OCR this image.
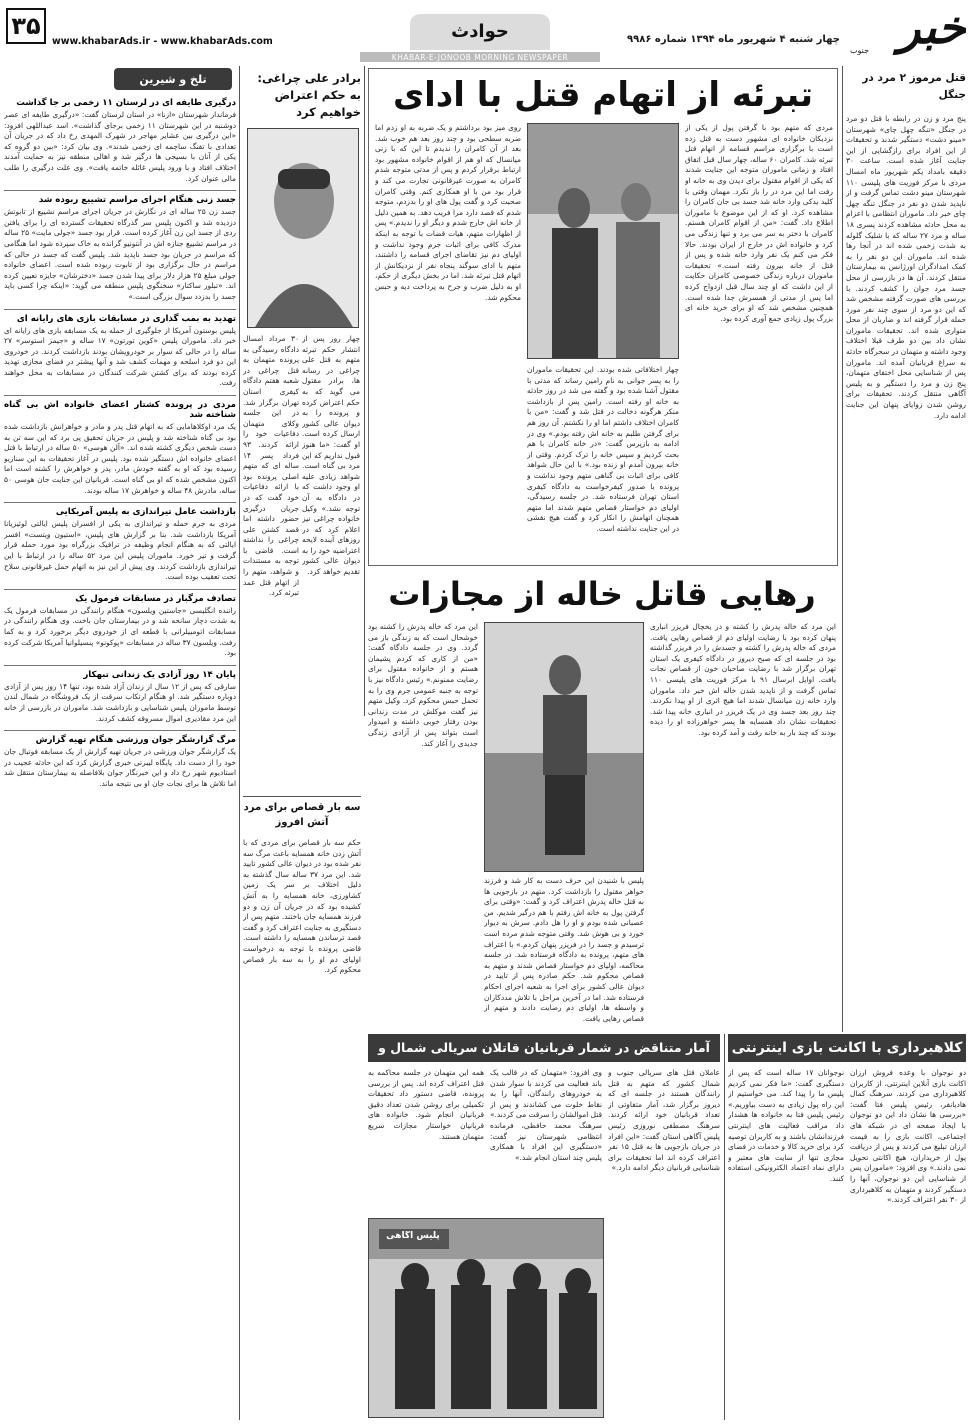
۳۵
www.khabarAds.ir - www.khabarAds.com	حوادث
KHABAR-E-JONOOB MORNING NEWSPAPER
چهار شنبه ۴ شهریور ماه ۱۳۹۴ شماره ۹۹۸۶	خبر
جنوب
تلخ و شیرین
درگیری طایفه ای در لرستان ۱۱ زخمی بر جا گذاشت
فرماندار شهرستان «ازنا» در استان لرستان گفت: «درگیری طایفه ای عصر دوشنبه در این شهرستان ۱۱ زخمی برجای گذاشت». اسد عبداللهی افزود: «این درگیری بین عشایر مهاجر در شهرک المهدی رخ داد که در جریان آن تعدادی با تفنگ ساچمه ای زخمی شدند». وی بیان کرد: «بین دو گروه که یکی از آنان با بسیجی ها درگیر شد و اهالی منطقه نیز به حمایت آمدند اختلاف افتاد و با ورود پلیس غائله خاتمه یافت». وی علت درگیری را طلب مالی عنوان کرد.
جسد زنی هنگام اجرای مراسم تشییع ربوده شد
جسد زن ۲۵ ساله ای در نگارش در جریان اجرای مراسم تشییع از تابوتش دزدیده شد و اکنون پلیس سر گذرگاه تحقیقات گسترده ای را برای یافتن ردی از جسد این زن آغاز کرده است. قرار بود جسد «جولی مایت» ۲۵ ساله در مراسم تشییع جنازه اش در آنتونیو گرانده به خاک سپرده شود اما هنگامی که مراسم در جریان بود جسد ناپدید شد. پلیس گفت که جسد در حالی که مراسم در حال برگزاری بود از تابوت ربوده شده است. اعضای خانواده جولی مبلغ ۲۵ هزار دلار برای پیدا شدن جسد «دخترشان» جایزه تعیین کرده اند. «تبلور ساکتار» سخنگوی پلیس منطقه می گوید: «اینکه چرا کسی باید جسد را بدزدد سوال بزرگی است.»
تهدید به بمب گذاری در مسابقات بازی های رایانه ای
پلیس بوستون آمریکا از جلوگیری از حمله به یک مسابقه بازی های رایانه ای خبر داد. ماموران پلیس «کوین تورتون» ۱۷ ساله و «جیمز استوسر» ۲۷ ساله را در حالی که سوار بر خودرویشان بودند بازداشت کردند. در خودروی این دو فرد اسلحه و مهمات کشف شد و آنها پیشتر در فضای مجازی تهدید کرده بودند که برای کشتن شرکت کنندگان در مسابقات به محل خواهند رفت.
مردی در پرونده کشتار اعضای خانواده اش بی گناه شناخته شد
یک مرد اوکلاهامایی که به اتهام قتل پدر و مادر و خواهرانش بازداشت شده بود بی گناه شناخته شد و پلیس در جریان تحقیق پی برد که این سه تن به دست شخص دیگری کشته شده اند. «آلن هوسی» ۵۰ ساله در ارتباط با قتل اعضای خانواده اش دستگیر شده بود. پلیس در آغاز تحقیقات به این سناریو رسیده بود که او به گفته خودش مادر، پدر و خواهرش را کشته است اما اکنون مشخص شده که او بی گناه است. قربانیان این جنایت جان هوسی ۵۰ ساله، مادرش ۴۸ ساله و خواهرش ۱۷ ساله بودند.
بازداشت عامل تیراندازی به پلیس آمریکایی
مردی به جرم حمله و تیراندازی به یکی از افسران پلیس ایالتی لوئیزیانا آمریکا بازداشت شد. بنا بر گزارش های پلیس، «استیون ویتست» افسر ایالتی که به هنگام انجام وظیفه در ترافیک بزرگراه بود مورد حمله قرار گرفت و تیر خورد. ماموران پلیس این مرد ۵۲ ساله را در ارتباط با این تیراندازی بازداشت کردند. وی پیش از این نیز به اتهام حمل غیرقانونی سلاح تحت تعقیب بوده است.
تصادف مرگبار در مسابقات فرمول یک
راننده انگلیسی «جاستین ویلسون» هنگام رانندگی در مسابقات فرمول یک به شدت دچار سانحه شد و در بیمارستان جان باخت. وی هنگام رانندگی در مسابقات اتومبیلرانی با قطعه ای از خودروی دیگر برخورد کرد و به کما رفت. ویلسون ۳۷ ساله در مسابقات «پوکونو» پنسیلوانیا آمریکا شرکت کرده بود.
پایان ۱۴ روز آزادی یک زندانی تبهکار
سارقی که پس از ۱۲ سال از زندان آزاد شده بود، تنها ۱۴ روز پس از آزادی دوباره دستگیر شد. او هنگام ارتکاب سرقت از یک فروشگاه در شمال لندن توسط ماموران پلیس شناسایی و بازداشت شد. ماموران در بازرسی از خانه این مرد مقادیری اموال مسروقه کشف کردند.
مرگ گزارشگر جوان ورزشی هنگام تهیه گزارش
یک گزارشگر جوان ورزشی در جریان تهیه گزارش از یک مسابقه فوتبال جان خود را از دست داد. پایگاه لیبرتی خبری گزارش کرد که این حادثه عجیب در استادیوم شهر رخ داد و این خبرنگار جوان بلافاصله به بیمارستان منتقل شد اما تلاش ها برای نجات جان او بی نتیجه ماند.
برادر علی چراغی: به حکم اعتراض خواهیم کرد
چهار روز پس از انتشار حکم تبرئه متهم به قتل علی چراغی در رسانه ها، برادر مقتول می گوید که به حکم اعتراض کرده و پرونده را به دیوان عالی کشور ارسال کرده است. او گفت: «ما هنوز قبول نداریم که این مرد بی گناه است. شواهد زیادی علیه او وجود داشت که در دادگاه به آن توجه نشد.» وکیل خانواده چراغی نیز اعلام کرد که در روزهای آینده لایحه اعتراضیه خود را به دیوان عالی کشور تقدیم خواهد کرد.
۳۰ مرداد امسال دادگاه رسیدگی به پرونده متهمان به قتل چراغی در شعبه هفتم دادگاه کیفری استان تهران برگزار شد. در این جلسه وکلای متهمان دفاعیات خود را ارائه کردند. ۹۳ فرداد پسر ۱۴ ساله ای که متهم اصلی پرونده بود با ارائه دفاعیات خود گفت که در جریان درگیری حضور داشته اما قصد کشتن علی چراغی را نداشته است. قاضی با توجه به مستندات و شواهد، متهم را از اتهام قتل عمد تبرئه کرد.
سه بار قصاص برای مرد آتش افروز
حکم سه بار قصاص برای مردی که با آتش زدن خانه همسایه باعث مرگ سه نفر شده بود در دیوان عالی کشور تایید شد. این مرد ۳۷ ساله سال گذشته به دلیل اختلاف بر سر یک زمین کشاورزی، خانه همسایه را به آتش کشیده بود که در جریان آن زن و دو فرزند همسایه جان باختند. متهم پس از دستگیری به جنایت اعتراف کرد و گفت قصد ترساندن همسایه را داشته است. قاضی پرونده با توجه به درخواست اولیای دم او را به سه بار قصاص محکوم کرد.
تبرئه از اتهام قتل با ادای
روی میز بود برداشتم و یک ضربه به او زدم اما ضربه سطحی بود و چند روز بعد هم خوب شد. بعد از آن کامران را ندیدم تا این که با زنی میانسال که او هم از اقوام خانواده مشهور بود ارتباط برقرار کردم و پس از مدتی متوجه شدم کامران به صورت غیرقانونی تجارت می کند و قرار بود من با او همکاری کنم. وقتی کامران صحبت کرد و گفت پول های او را بدزدم، متوجه شدم که قصد دارد مرا فریب دهد. به همین دلیل از خانه اش خارج شدم و دیگر او را ندیدم.» پس از اظهارات متهم، هیات قضات با توجه به اینکه مدرک کافی برای اثبات جرم وجود نداشت و اولیای دم نیز تقاضای اجرای قسامه را داشتند، متهم با ادای سوگند پنجاه نفر از نزدیکانش از اتهام قتل تبرئه شد. اما در بخش دیگری از حکم، او به دلیل ضرب و جرح به پرداخت دیه و حبس محکوم شد.
چهار اختلافاتی شده بودند. این تحقیقات ماموران را به پسر جوانی به نام رامین رساند که مدتی با مقتول آشنا شده بود و گفته می شد در روز حادثه به خانه او رفته است. رامین پس از بازداشت منکر هرگونه دخالت در قتل شد و گفت: «من با کامران اختلاف داشتم اما او را نکشتم. آن روز هم برای گرفتن طلبم به خانه اش رفته بودم.» وی در ادامه به بازپرس گفت: «در خانه کامران با هم بحث کردیم و سپس خانه را ترک کردم. وقتی از خانه بیرون آمدم او زنده بود.» با این حال شواهد کافی برای اثبات بی گناهی متهم وجود نداشت و پرونده با صدور کیفرخواست به دادگاه کیفری استان تهران فرستاده شد. در جلسه رسیدگی، اولیای دم خواستار قصاص متهم شدند اما متهم همچنان اتهامش را انکار کرد و گفت هیچ نقشی در این جنایت نداشته است.
مردی که متهم بود با گرفتن پول از یکی از نزدیکان خانواده ای مشهور دست به قتل زده است با برگزاری مراسم قسامه از اتهام قتل تبرئه شد. کامران ۶۰ ساله، چهار سال قبل اتفاق افتاد و زمانی ماموران متوجه این جنایت شدند که یکی از اقوام مقتول برای دیدن وی به خانه او رفت اما این مرد در را باز نکرد. مهمان وقتی با کلید یدکی وارد خانه شد جسد بی جان کامران را مشاهده کرد. او که از این موضوع با ماموران اطلاع داد. گفت: «من از اقوام کامران هستم. کامران با دختر به سر می برد و تنها زندگی می کرد و خانواده اش در خارج از ایران بودند. حالا فکر می کنم یک نفر وارد خانه شده و پس از قتل از خانه بیرون رفته است.» تحقیقات ماموران درباره زندگی خصوصی کامران حکایت از این داشت که او چند سال قبل ازدواج کرده اما پس از مدتی از همسرش جدا شده است. همچنین مشخص شد که او برای خرید خانه ای بزرگ پول زیادی جمع آوری کرده بود.
رهایی قاتل خاله از مجازات
این مرد که خاله پدرش را کشته بود خوشحال است که به زندگی باز می گردد. وی در جلسه دادگاه گفت: «من از کاری که کردم پشیمان هستم و از خانواده مقتول برای رضایت ممنونم.» رئیس دادگاه نیز با توجه به جنبه عمومی جرم وی را به تحمل حبس محکوم کرد. وکیل متهم نیز گفت موکلش در مدت زندانی بودن رفتار خوبی داشته و امیدوار است بتواند پس از آزادی زندگی جدیدی را آغاز کند.
پلیس با شنیدن این حرف دست به کار شد و فرزند خواهر مقتول را بازداشت کرد. متهم در بازجویی ها به قتل خاله پدرش اعتراف کرد و گفت: «وقتی برای گرفتن پول به خانه اش رفتم با هم درگیر شدیم. من عصبانی شده بودم و او را هل دادم. سرش به دیوار خورد و بی هوش شد. وقتی متوجه شدم مرده است ترسیدم و جسد را در فریزر پنهان کردم.» با اعتراف های متهم، پرونده به دادگاه فرستاده شد. در جلسه محاکمه، اولیای دم خواستار قصاص شدند و متهم به قصاص محکوم شد. حکم صادره پس از تایید در دیوان عالی کشور برای اجرا به شعبه اجرای احکام فرستاده شد. اما در آخرین مراحل با تلاش مددکاران و واسطه ها، اولیای دم رضایت دادند و متهم از قصاص رهایی یافت.
این مرد که خاله پدرش را کشته و در یخچال فریزر انباری پنهان کرده بود با رضایت اولیای دم از قصاص رهایی یافت. مردی که خاله پدرش را کشته و جسدش را در فریزر گذاشته بود در جلسه ای که صبح دیروز در دادگاه کیفری یک استان تهران برگزار شد با رضایت صاحبان خون از قصاص نجات یافت. اوایل ابرسال ۹۱ با مرکز فوریت های پلیسی ۱۱۰ تماس گرفت و از ناپدید شدن خاله اش خبر داد. ماموران وارد خانه زن میانسال شدند اما هیچ اثری از او پیدا نکردند. چند روز بعد جسد وی در یک فریزر در انباری خانه پیدا شد. تحقیقات نشان داد همسایه ها پسر خواهرزاده او را دیده بودند که چند بار به خانه رفت و آمد کرده بود.
قتل مرموز ۲ مرد در جنگل
پنج مرد و زن در رابطه با قتل دو مرد در جنگل «تنگه چهل چای» شهرستان «مینو دشت» دستگیر شدند و تحقیقات از این افراد برای رازگشایی از این جنایت آغاز شده است. ساعت ۳۰ دقیقه بامداد یکم شهریور ماه امسال مردی با مرکز فوریت های پلیسی ۱۱۰ شهرستان مینو دشت تماس گرفت و از ناپدید شدن دو نفر در جنگل تنگه چهل چای خبر داد. ماموران انتظامی با اعزام به محل حادثه مشاهده کردند پسری ۱۸ ساله و مرد ۲۷ ساله که با شلیک گلوله به شدت زخمی شده اند در آنجا رها شده اند. ماموران این دو نفر را به کمک امدادگران اورژانس به بیمارستان منتقل کردند. آن ها در بازرسی از محل جسد مرد جوان را کشف کردند. با بررسی های صورت گرفته مشخص شد که این دو مرد از سوی چند نفر مورد حمله قرار گرفته اند و ضاربان از محل متواری شده اند. تحقیقات ماموران نشان داد بین دو طرف قبلا اختلاف وجود داشته و متهمان در سحرگاه حادثه به سراغ قربانیان آمده اند. ماموران پس از شناسایی محل اختفای متهمان، پنج زن و مرد را دستگیر و به پلیس آگاهی منتقل کردند. تحقیقات برای روشن شدن زوایای پنهان این جنایت ادامه دارد.
کلاهبرداری با اکانت بازی اینترنتی
دو نوجوان با وعده فروش ارزان اکانت بازی آنلاین اینترنتی، از کاربران کلاهبرداری می کردند. سرهنگ کمال هادیانفر، رئیس پلیس فتا گفت: «بررسی ها نشان داد این دو نوجوان با ایجاد صفحه ای در شبکه های اجتماعی، اکانت بازی را به قیمت ارزان تبلیغ می کردند و پس از دریافت پول از خریداران، هیچ اکانتی تحویل نمی دادند.» وی افزود: «ماموران پس از شناسایی این دو نوجوان، آنها را دستگیر کردند و متهمان به کلاهبرداری از ۳۰ نفر اعتراف کردند.»
نوجوانان ۱۷ ساله است که پس از دستگیری گفت: «ما فکر نمی کردیم پلیس ما را پیدا کند. می خواستیم از این راه پول زیادی به دست بیاوریم.» رئیس پلیس فتا به خانواده ها هشدار داد مراقب فعالیت های اینترنتی فرزندانشان باشند و به کاربران توصیه کرد برای خرید کالا و خدمات در فضای مجازی تنها از سایت های معتبر و دارای نماد اعتماد الکترونیکی استفاده کنند.
آمار متناقض در شمار قربانیان قاتلان سریالی شمال و
عاملان قتل های سریالی جنوب و شمال کشور که متهم به قتل رانندگان هستند در جلسه ای که دیروز برگزار شد، آمار متفاوتی از تعداد قربانیان خود ارائه کردند. سرهنگ مصطفی نوروزی رئیس پلیس آگاهی استان گفت: «این افراد در جریان بازجویی ها به قتل ۱۵ نفر اعتراف کرده اند اما تحقیقات برای شناسایی قربانیان دیگر ادامه دارد.»
وی افزود: «متهمان که در قالب یک باند فعالیت می کردند با سوار شدن به خودروهای رانندگان، آنها را به نقاط خلوت می کشاندند و پس از قتل اموالشان را سرقت می کردند.» سرهنگ محمد حافظی، فرمانده انتظامی شهرستان نیز گفت: «دستگیری این افراد با همکاری پلیس چند استان انجام شد.»
همه این متهمان در جلسه محاکمه به قتل اعتراف کرده اند. پس از بررسی پرونده، قاضی دستور داد تحقیقات تکمیلی برای روشن شدن تعداد دقیق قربانیان انجام شود. خانواده های قربانیان خواستار مجازات سریع متهمان هستند.
پلیس آگاهی
